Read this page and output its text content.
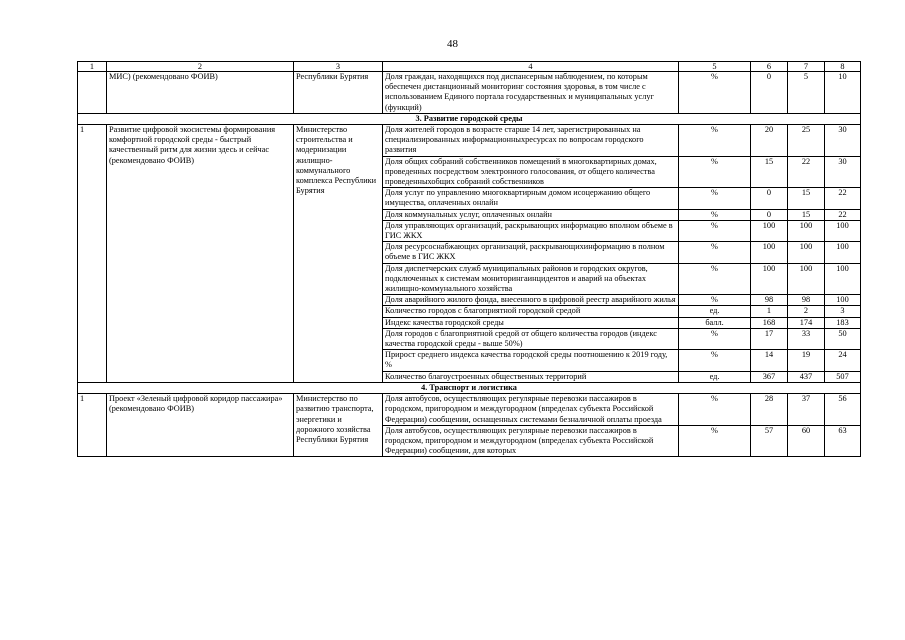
48
1	2	3	4	5	6	7	8
	МИС) (рекомендовано ФОИВ)	Республики Бурятия	Доля граждан, находящихся под диспансерным наблюдением, по которым обеспечен дистанционный мониторинг состояния здоровья, в том числе с использованием Единого портала государственных и муниципальных услуг (функций)	%	0	5	10
3. Развитие городской среды							
1	Развитие цифровой экосистемы формирования комфортной городской среды - быстрый качественный ритм для жизни здесь и сейчас (рекомендовано ФОИВ)	Министерство строительства и модернизации жилищно-коммунального комплекса Республики Бурятия	Доля жителей городов в возрасте старше 14 лет, зарегистрированных на специализированных информационныхресурсах по вопросам городского развития	%	20	25	30
			Доля общих собраний собственников помещений в многоквартирных домах, проведенных посредством электронного голосования, от общего количества проведенныхобщих собраний собственников	%	15	22	30
			Доля услуг по управлению многоквартирным домом исоцержанию общего имущества, оплаченных онлайн	%	0	15	22
			Доля коммунальных услуг, оплаченных онлайн	%	0	15	22
			Доля управляющих организаций, раскрывающих информацию вполном объеме в ГИС ЖКХ	%	100	100	100
			Доля ресурсоснабжающих организаций, раскрывающихинформацию в полном объеме в ГИС ЖКХ	%	100	100	100
			Доля диспетчерских служб муниципальных районов и городских округов, подключенных к системам мониторингаинцидентов и аварий на объектах жилищно-коммунального хозяйства	%	100	100	100
			Доля аварийного жилого фонда, внесенного в цифровой реестр аварийного жилья	%	98	98	100
			Количество городов с благоприятной городской средой	ед.	1	2	3
			Индекс качества городской среды	балл.	168	174	183
			Доля городов с благоприятной средой от общего количества городов (индекс качества городской среды - выше 50%)	%	17	33	50
			Прирост среднего индекса качества городской среды поотношению к 2019 году, %	%	14	19	24
			Количество благоустроенных общественных территорий	ед.	367	437	507
4. Транспорт и логистика							
1	Проект «Зеленый цифровой коридор пассажира» (рекомендовано ФОИВ)	Министерство по развитию транспорта, энергетики и дорожного хозяйства Республики Бурятия	Доля автобусов, осуществляющих регулярные перевозки пассажиров в городском, пригородном и междугородном (впределах субъекта Российской Федерации) сообщении, оснащенных системами безналичной оплаты проезда	%	28	37	56
			Доля автобусов, осуществляющих регулярные перевозки пассажиров в городском, пригородном и междугородном (впределах субъекта Российской Федерации) сообщении, для которых	%	57	60	63
